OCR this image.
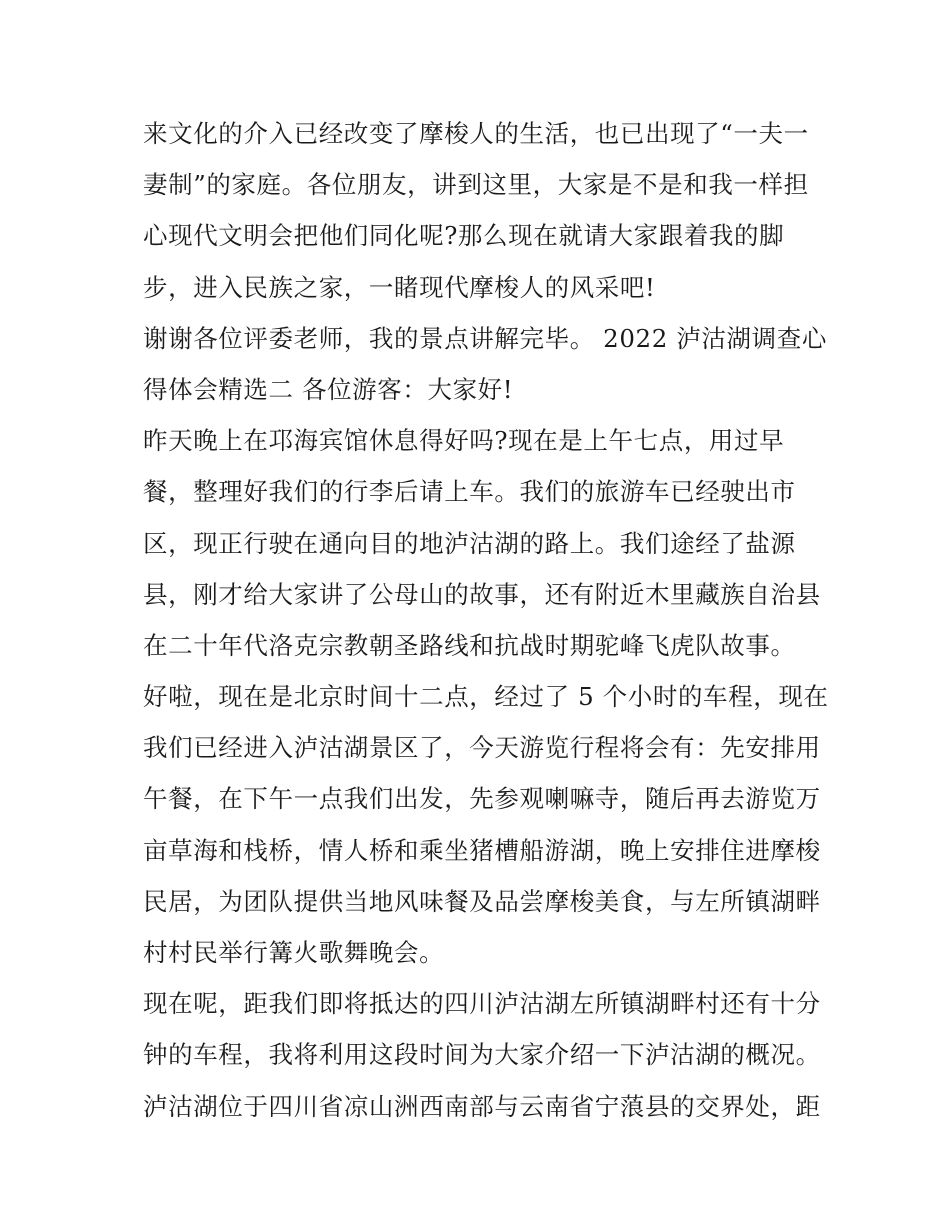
来文化的介入已经改变了摩梭人的生活，也已出现了“一夫一
妻制”的家庭。各位朋友，讲到这里，大家是不是和我一样担
心现代文明会把他们同化呢?那么现在就请大家跟着我的脚
步，进入民族之家，一睹现代摩梭人的风采吧!
谢谢各位评委老师，我的景点讲解完毕。 2022 泸沽湖调查心
得体会精选二 各位游客：大家好!
昨天晚上在邛海宾馆休息得好吗?现在是上午七点，用过早
餐，整理好我们的行李后请上车。我们的旅游车已经驶出市
区，现正行驶在通向目的地泸沽湖的路上。我们途经了盐源
县，刚才给大家讲了公母山的故事，还有附近木里藏族自治县
在二十年代洛克宗教朝圣路线和抗战时期驼峰飞虎队故事。
好啦，现在是北京时间十二点，经过了 5 个小时的车程，现在
我们已经进入泸沽湖景区了，今天游览行程将会有：先安排用
午餐，在下午一点我们出发，先参观喇嘛寺，随后再去游览万
亩草海和栈桥，情人桥和乘坐猪槽船游湖，晚上安排住进摩梭
民居，为团队提供当地风味餐及品尝摩梭美食，与左所镇湖畔
村村民举行篝火歌舞晚会。
现在呢，距我们即将抵达的四川泸沽湖左所镇湖畔村还有十分
钟的车程，我将利用这段时间为大家介绍一下泸沽湖的概况。
泸沽湖位于四川省凉山洲西南部与云南省宁蒗县的交界处，距
